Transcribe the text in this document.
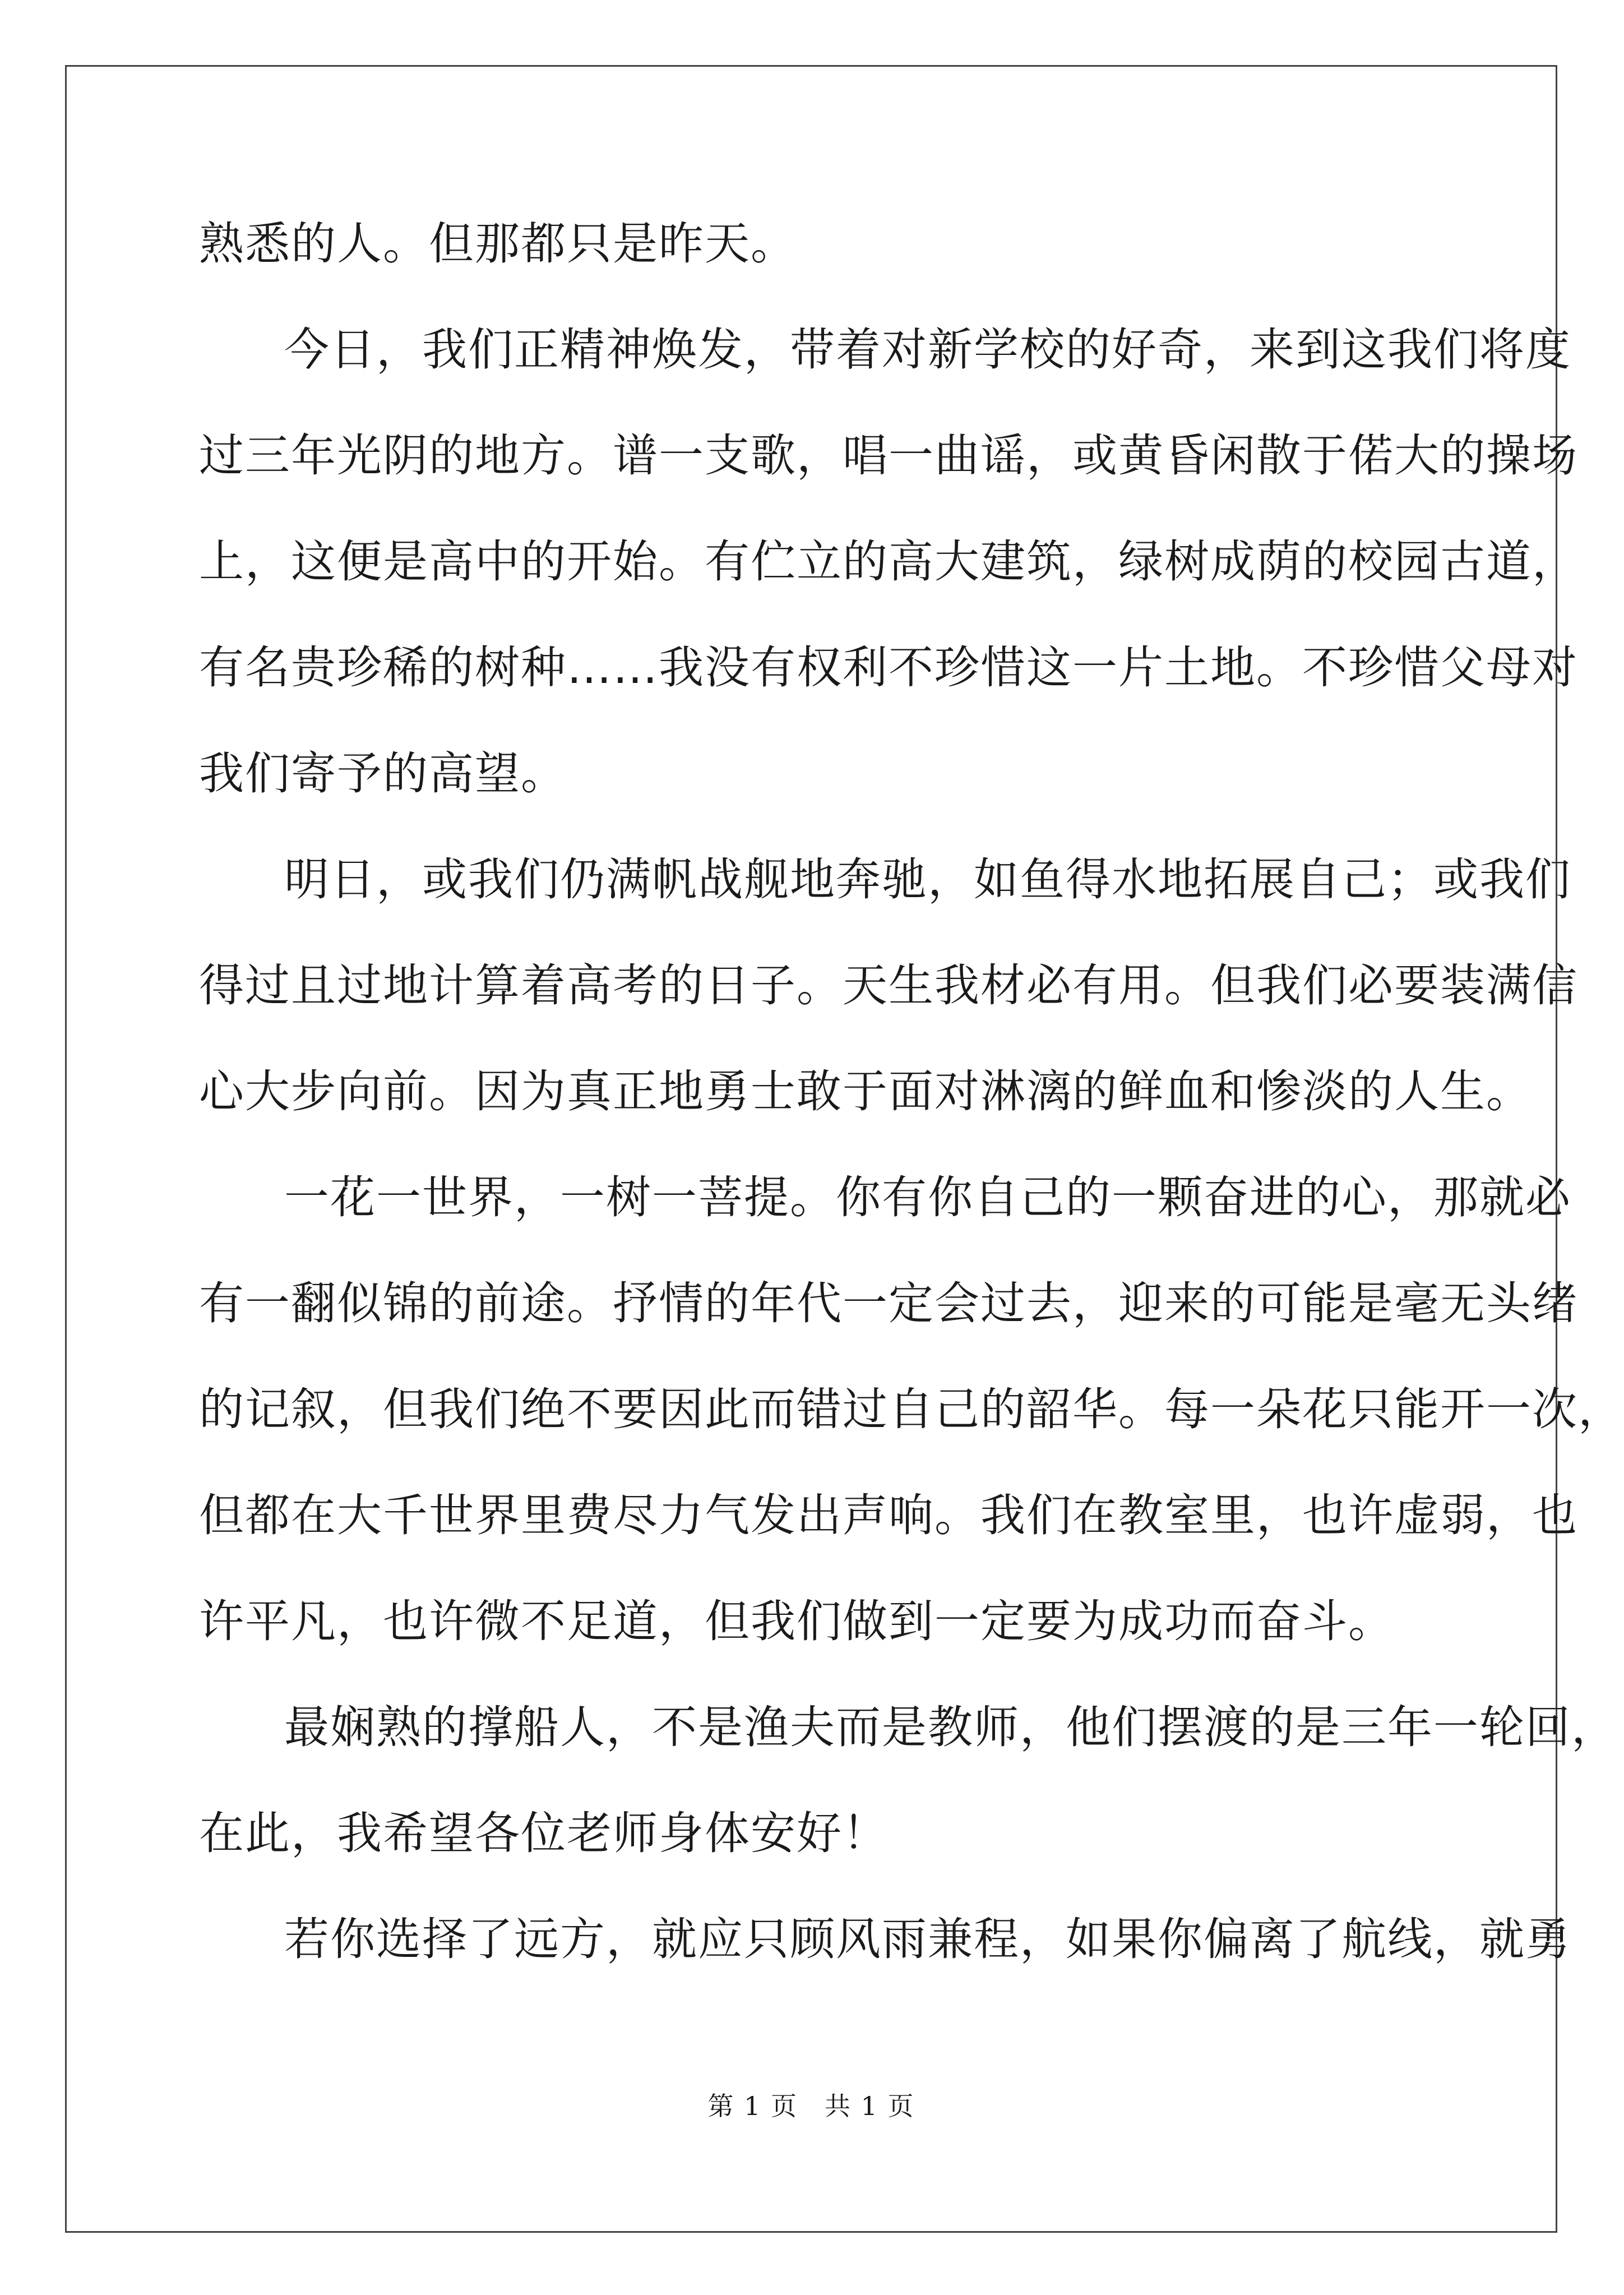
熟悉的人。但那都只是昨天。
今日，我们正精神焕发，带着对新学校的好奇，来到这我们将度
过三年光阴的地方。谱一支歌，唱一曲谣，或黄昏闲散于偌大的操场
上，这便是高中的开始。有伫立的高大建筑，绿树成荫的校园古道，
有名贵珍稀的树种……我没有权利不珍惜这一片土地。不珍惜父母对
我们寄予的高望。
明日，或我们仍满帆战舰地奔驰，如鱼得水地拓展自己；或我们
得过且过地计算着高考的日子。天生我材必有用。但我们必要装满信
心大步向前。因为真正地勇士敢于面对淋漓的鲜血和惨淡的人生。
一花一世界，一树一菩提。你有你自己的一颗奋进的心，那就必
有一翻似锦的前途。抒情的年代一定会过去，迎来的可能是毫无头绪
的记叙，但我们绝不要因此而错过自己的韶华。每一朵花只能开一次，
但都在大千世界里费尽力气发出声响。我们在教室里，也许虚弱，也
许平凡，也许微不足道，但我们做到一定要为成功而奋斗。
最娴熟的撑船人，不是渔夫而是教师，他们摆渡的是三年一轮回，
在此，我希望各位老师身体安好！
若你选择了远方，就应只顾风雨兼程，如果你偏离了航线，就勇
第 1 页　共 1 页
